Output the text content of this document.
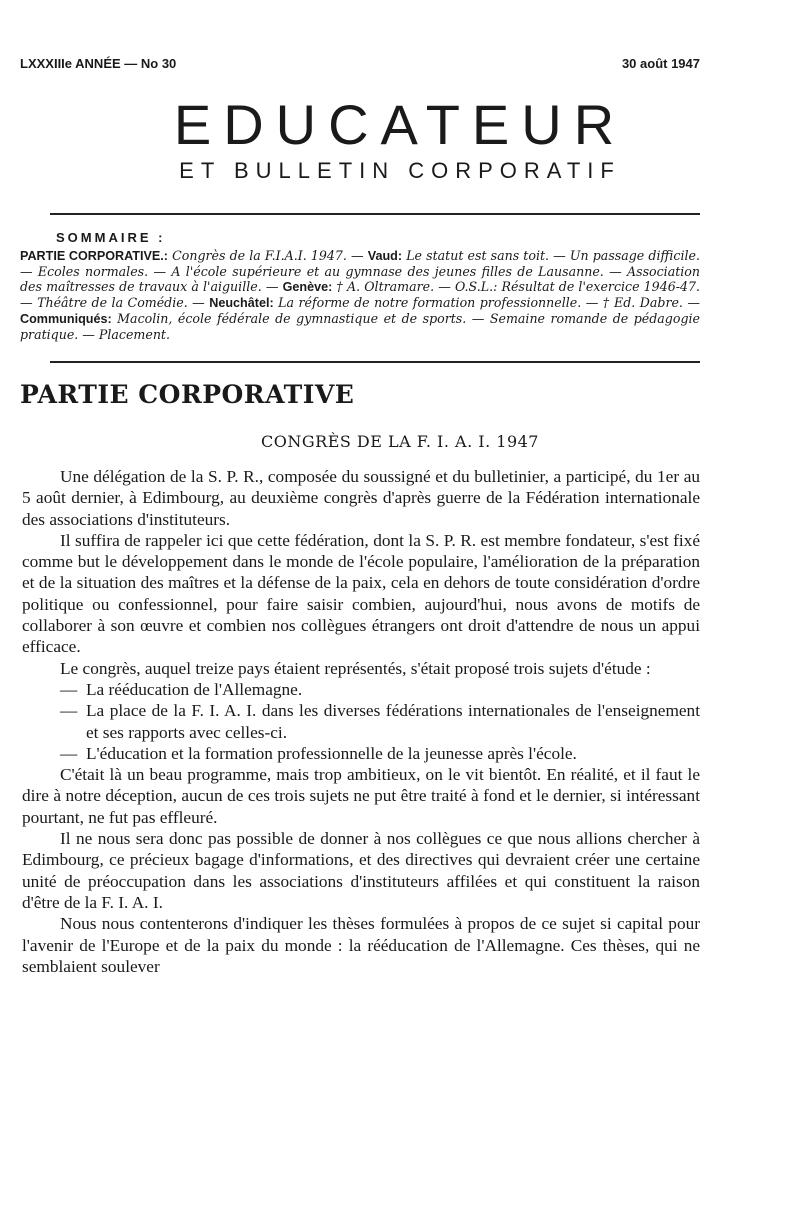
LXXXIIIe ANNÉE — No 30	30 août 1947
EDUCATEUR
ET BULLETIN CORPORATIF
SOMMAIRE :
PARTIE CORPORATIVE.: Congrès de la F.I.A.I. 1947. — Vaud: Le statut est sans toit. — Un passage difficile. — Ecoles normales. — A l'école supérieure et au gymnase des jeunes filles de Lausanne. — Association des maîtresses de travaux à l'aiguille. — Genève: † A. Oltramare. — O.S.L.: Résultat de l'exercice 1946-47. — Théâtre de la Comédie. — Neuchâtel: La réforme de notre formation professionnelle. — † Ed. Dabre. — Communiqués: Macolin, école fédérale de gymnastique et de sports. — Semaine romande de pédagogie pratique. — Placement.
PARTIE CORPORATIVE
CONGRÈS DE LA F. I. A. I. 1947

Une délégation de la S. P. R., composée du soussigné et du bulletinier, a participé, du 1er au 5 août dernier, à Edimbourg, au deuxième congrès d'après guerre de la Fédération internationale des associations d'instituteurs.

Il suffira de rappeler ici que cette fédération, dont la S. P. R. est membre fondateur, s'est fixé comme but le développement dans le monde de l'école populaire, l'amélioration de la préparation et de la situation des maîtres et la défense de la paix, cela en dehors de toute considération d'ordre politique ou confessionnel, pour faire saisir combien, aujourd'hui, nous avons de motifs de collaborer à son œuvre et combien nos collègues étrangers ont droit d'attendre de nous un appui efficace.

Le congrès, auquel treize pays étaient représentés, s'était proposé trois sujets d'étude :

— La rééducation de l'Allemagne.
— La place de la F. I. A. I. dans les diverses fédérations internationales de l'enseignement et ses rapports avec celles-ci.
— L'éducation et la formation professionnelle de la jeunesse après l'école.

C'était là un beau programme, mais trop ambitieux, on le vit bientôt. En réalité, et il faut le dire à notre déception, aucun de ces trois sujets ne put être traité à fond et le dernier, si intéressant pourtant, ne fut pas effleuré.

Il ne nous sera donc pas possible de donner à nos collègues ce que nous allions chercher à Edimbourg, ce précieux bagage d'informations, et des directives qui devraient créer une certaine unité de préoccupation dans les associations d'instituteurs affilées et qui constituent la raison d'être de la F. I. A. I.

Nous nous contenterons d'indiquer les thèses formulées à propos de ce sujet si capital pour l'avenir de l'Europe et de la paix du monde : la rééducation de l'Allemagne. Ces thèses, qui ne semblaient soulever
